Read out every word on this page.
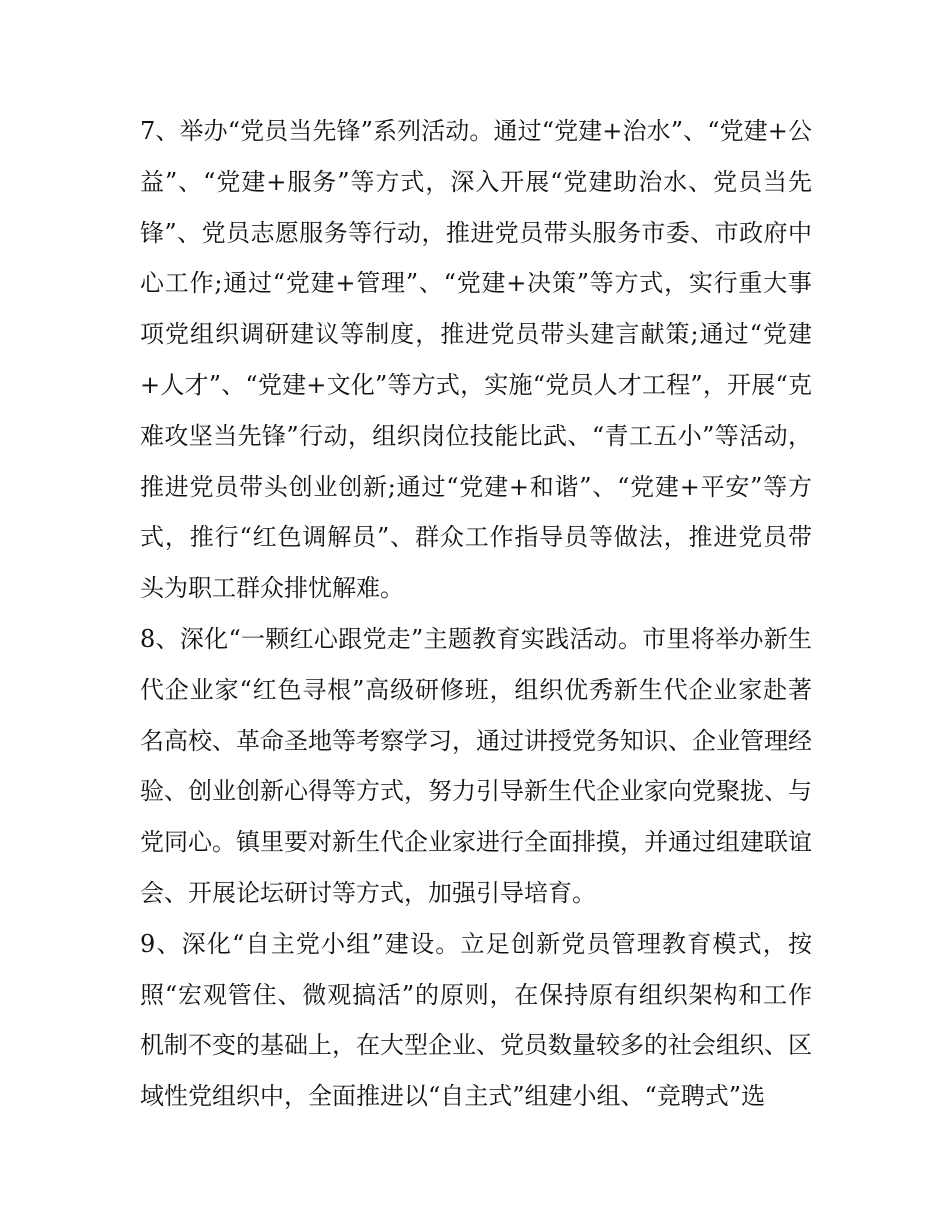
7、举办“党员当先锋”系列活动。通过“党建+治水”、“党建+公益”、“党建+服务”等方式，深入开展“党建助治水、党员当先锋”、党员志愿服务等行动，推进党员带头服务市委、市政府中心工作;通过“党建+管理”、“党建+决策”等方式，实行重大事项党组织调研建议等制度，推进党员带头建言献策;通过“党建+人才”、“党建+文化”等方式，实施“党员人才工程”，开展“克难攻坚当先锋”行动，组织岗位技能比武、“青工五小”等活动，推进党员带头创业创新;通过“党建+和谐”、“党建+平安”等方式，推行“红色调解员”、群众工作指导员等做法，推进党员带头为职工群众排忧解难。

8、深化“一颗红心跟党走”主题教育实践活动。市里将举办新生代企业家“红色寻根”高级研修班，组织优秀新生代企业家赴著名高校、革命圣地等考察学习，通过讲授党务知识、企业管理经验、创业创新心得等方式，努力引导新生代企业家向党聚拢、与党同心。镇里要对新生代企业家进行全面排摸，并通过组建联谊会、开展论坛研讨等方式，加强引导培育。

9、深化“自主党小组”建设。立足创新党员管理教育模式，按照“宏观管住、微观搞活”的原则，在保持原有组织架构和工作机制不变的基础上，在大型企业、党员数量较多的社会组织、区域性党组织中，全面推进以“自主式”组建小组、“竞聘式”选
